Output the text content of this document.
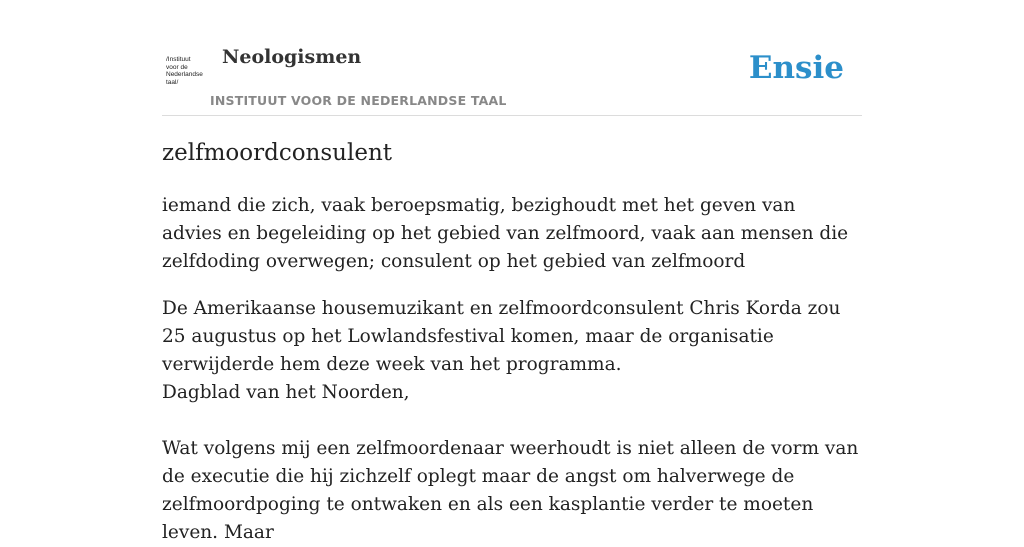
/Instituut
voor de
Nederlandse
taal/
Neologismen
INSTITUUT VOOR DE NEDERLANDSE TAAL
Ensie
zelfmoordconsulent

iemand die zich, vaak beroepsmatig, bezighoudt met het geven van advies en begeleiding op het gebied van zelfmoord, vaak aan mensen die zelfdoding overwegen; consulent op het gebied van zelfmoord

De Amerikaanse housemuzikant en zelfmoordconsulent Chris Korda zou 25 augustus op het Lowlandsfestival komen, maar de organisatie verwijderde hem deze week van het programma.

Dagblad van het Noorden,

Wat volgens mij een zelfmoordenaar weerhoudt is niet alleen de vorm van de executie die hij zichzelf oplegt maar de angst om halverwege de zelfmoordpoging te ontwaken en als een kasplantie verder te moeten leven. Maar
